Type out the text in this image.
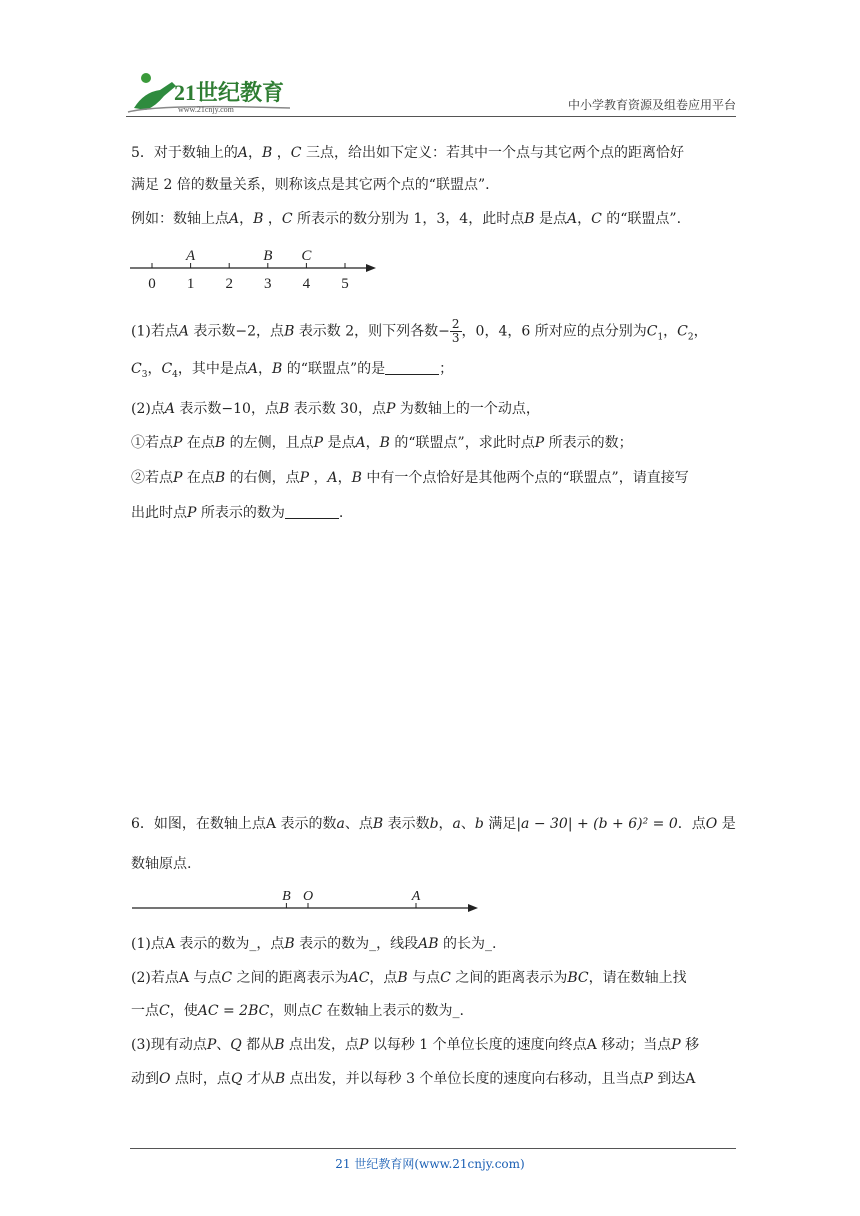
21世纪教育
www.21cnjy.com	中小学教育资源及组卷应用平台
5．对于数轴上的A，B ，C 三点，给出如下定义：若其中一个点与其它两个点的距离恰好
满足 2 倍的数量关系，则称该点是其它两个点的“联盟点”.
例如：数轴上点A，B ，C 所表示的数分别为 1，3，4，此时点B 是点A，C 的“联盟点”.
0 1 2 3 4 5
A	B C
(1)若点A 表示数−2，点B 表示数 2，则下列各数− $\frac{2}{3}$ ，0，4，6 所对应的点分别为$C_1$，$C_2$，
$C_3$，$C_4$，其中是点A，B 的“联盟点”的是	；
(2)点A 表示数−10，点B 表示数 30，点P 为数轴上的一个动点，
①若点P 在点B 的左侧，且点P 是点A，B 的“联盟点”，求此时点P 所表示的数；
②若点P 在点B 的右侧，点P ，A，B 中有一个点恰好是其他两个点的“联盟点”，请直接写
出此时点P 所表示的数为	.
6．如图，在数轴上点A 表示的数a、点B 表示数b，a、b 满足|a − 30| + (b + 6)² = 0．点O 是
数轴原点.
B O	A
(1)点A 表示的数为_，点B 表示的数为_，线段AB 的长为_.
(2)若点A 与点C 之间的距离表示为AC，点B 与点C 之间的距离表示为BC，请在数轴上找
一点C，使AC = 2BC，则点C 在数轴上表示的数为_.
(3)现有动点P、Q 都从B 点出发，点P 以每秒 1 个单位长度的速度向终点A 移动；当点P 移
动到O 点时，点Q 才从B 点出发，并以每秒 3 个单位长度的速度向右移动，且当点P 到达A
21 世纪教育网(www.21cnjy.com)
